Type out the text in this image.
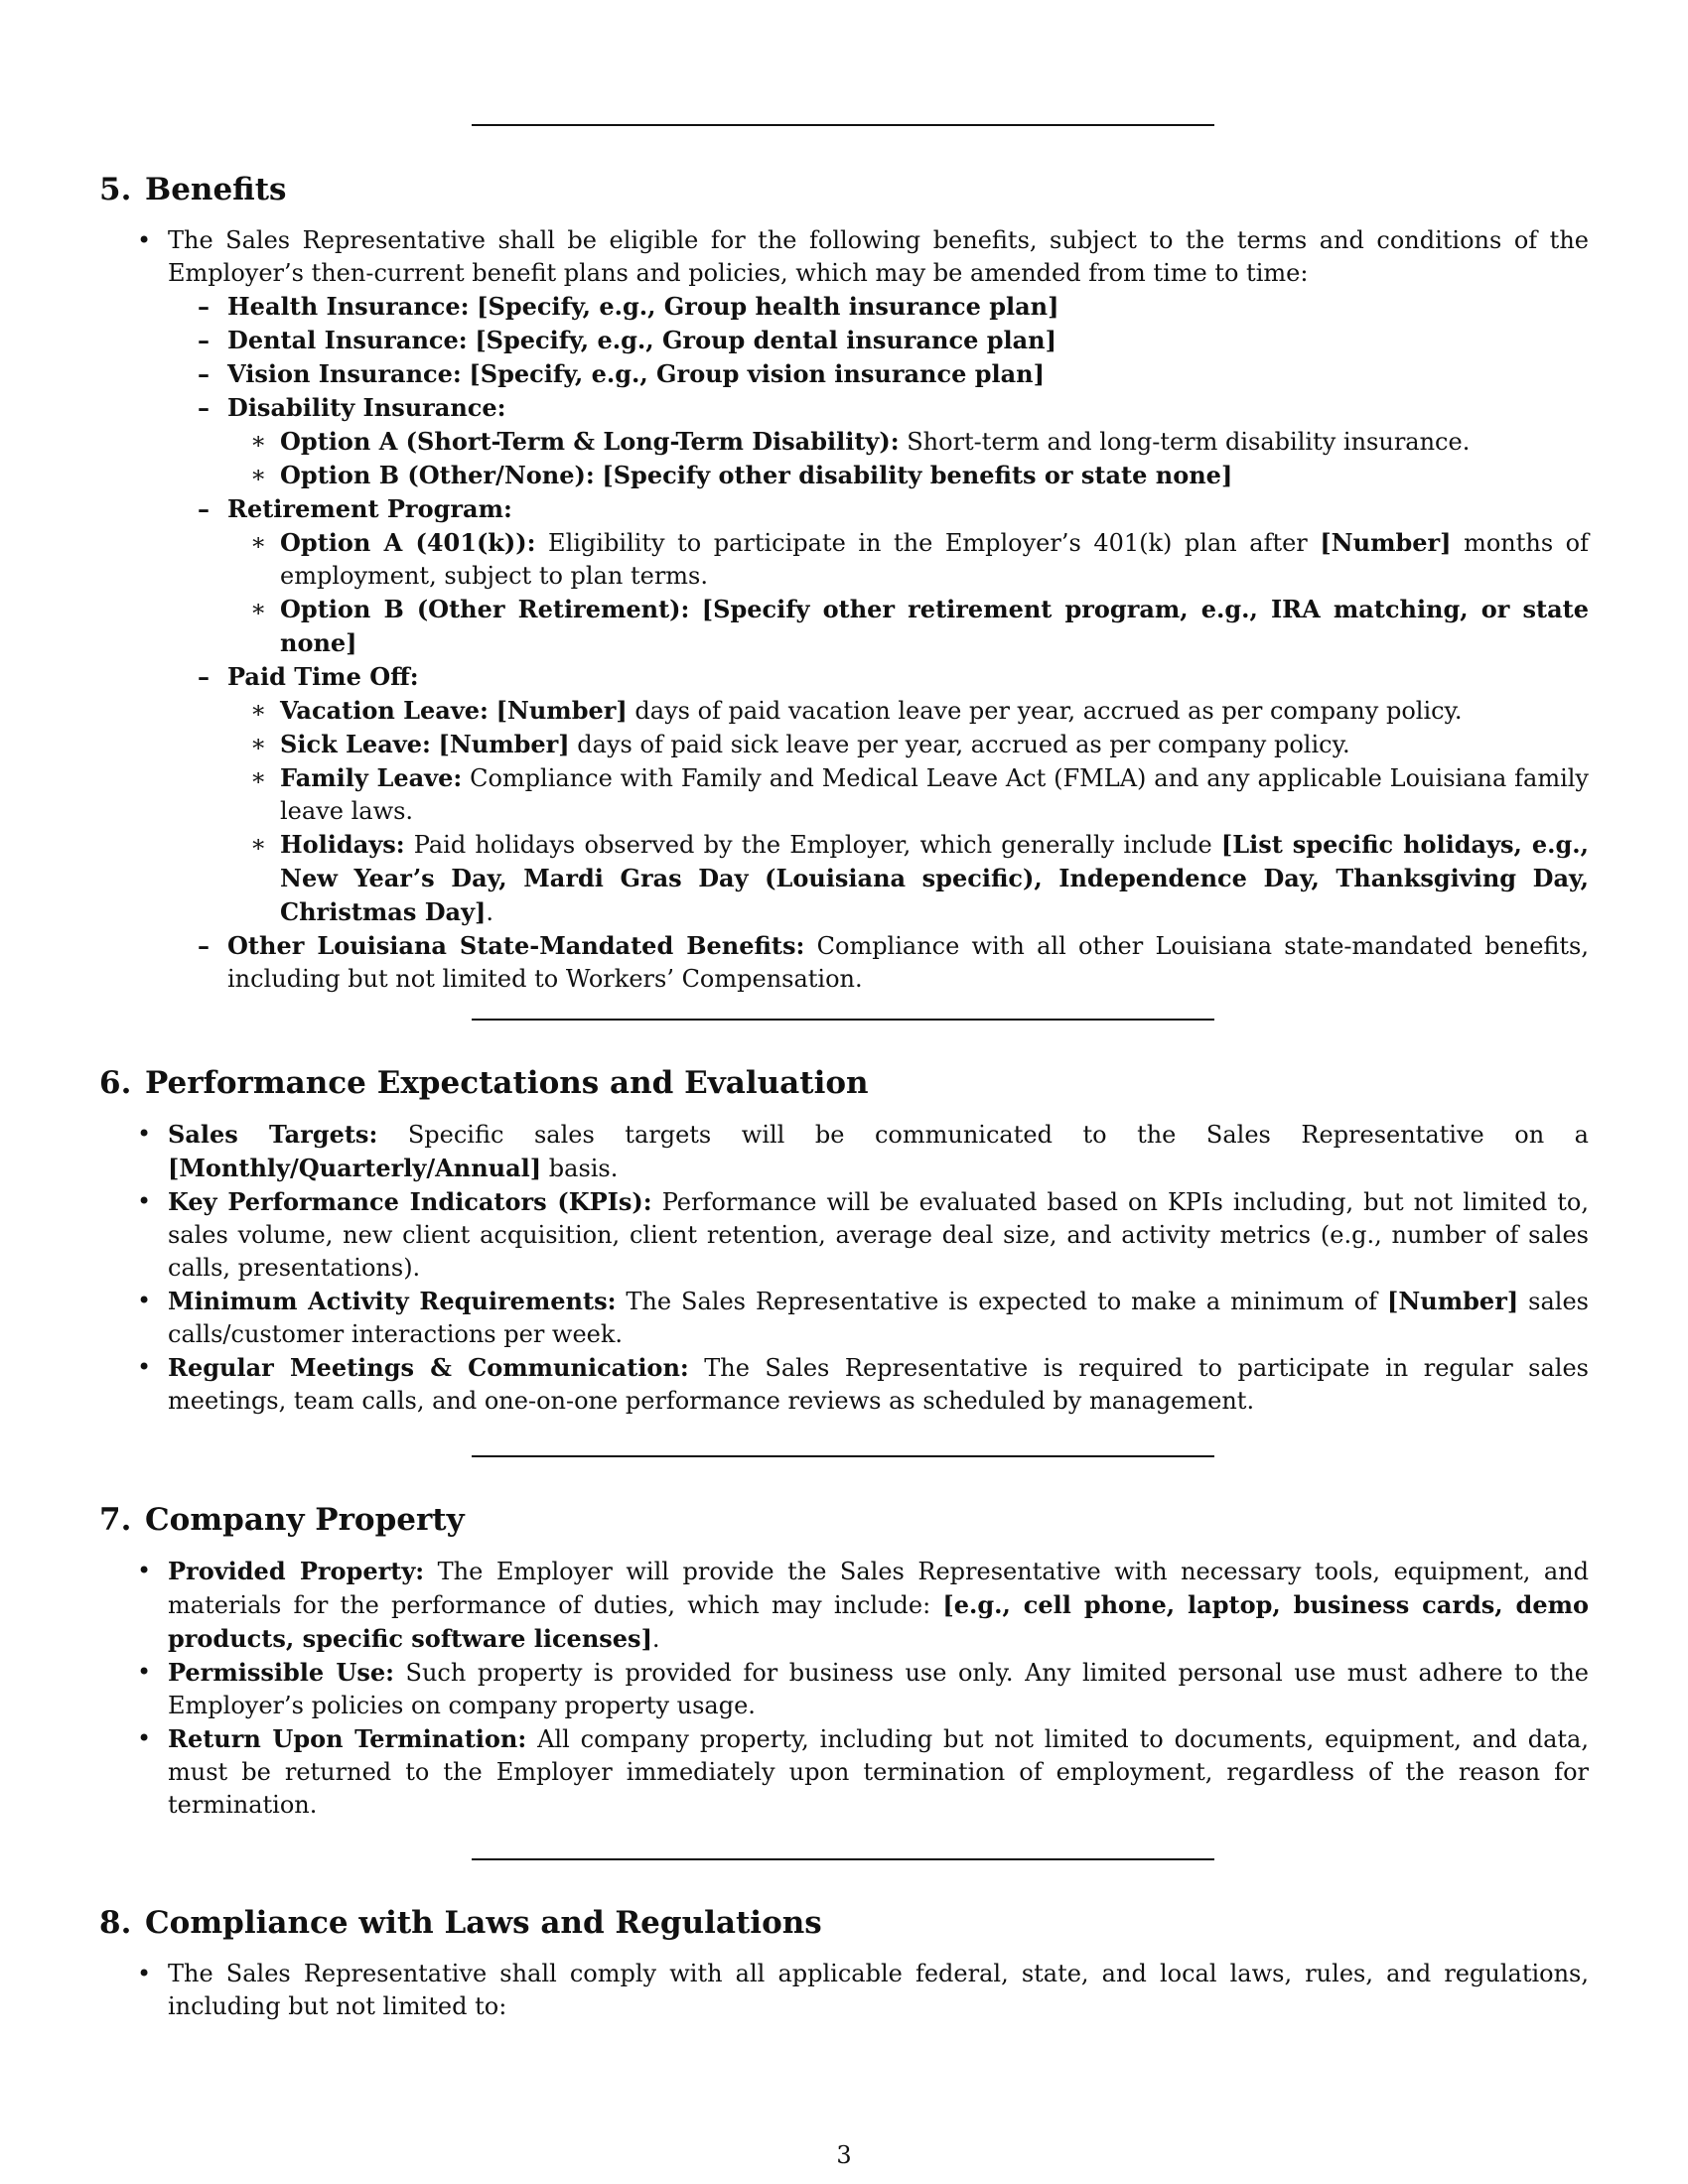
5. Benefits
• The Sales Representative shall be eligible for the following benefits, subject to the terms and conditions of the Employer’s then-current benefit plans and policies, which may be amended from time to time:
– Health Insurance: [Specify, e.g., Group health insurance plan]
– Dental Insurance: [Specify, e.g., Group dental insurance plan]
– Vision Insurance: [Specify, e.g., Group vision insurance plan]
– Disability Insurance:
∗ Option A (Short-Term & Long-Term Disability): Short-term and long-term disability insurance.
∗ Option B (Other/None): [Specify other disability benefits or state none]
– Retirement Program:
∗ Option A (401(k)): Eligibility to participate in the Employer’s 401(k) plan after [Number] months of employment, subject to plan terms.
∗ Option B (Other Retirement): [Specify other retirement program, e.g., IRA matching, or state none]
– Paid Time Off:
∗ Vacation Leave: [Number] days of paid vacation leave per year, accrued as per company policy.
∗ Sick Leave: [Number] days of paid sick leave per year, accrued as per company policy.
∗ Family Leave: Compliance with Family and Medical Leave Act (FMLA) and any applicable Louisiana family leave laws.
∗ Holidays: Paid holidays observed by the Employer, which generally include [List specific holidays, e.g., New Year’s Day, Mardi Gras Day (Louisiana specific), Independence Day, Thanksgiving Day, Christmas Day].
– Other Louisiana State-Mandated Benefits: Compliance with all other Louisiana state-mandated benefits, including but not limited to Workers’ Compensation.
6. Performance Expectations and Evaluation
• Sales Targets: Specific sales targets will be communicated to the Sales Representative on a [Monthly/Quarterly/Annual] basis.
• Key Performance Indicators (KPIs): Performance will be evaluated based on KPIs including, but not limited to, sales volume, new client acquisition, client retention, average deal size, and activity metrics (e.g., number of sales calls, presentations).
• Minimum Activity Requirements: The Sales Representative is expected to make a minimum of [Number] sales calls/customer interactions per week.
• Regular Meetings & Communication: The Sales Representative is required to participate in regular sales meetings, team calls, and one-on-one performance reviews as scheduled by management.
7. Company Property
• Provided Property: The Employer will provide the Sales Representative with necessary tools, equipment, and materials for the performance of duties, which may include: [e.g., cell phone, laptop, business cards, demo products, specific software licenses].
• Permissible Use: Such property is provided for business use only. Any limited personal use must adhere to the Employer’s policies on company property usage.
• Return Upon Termination: All company property, including but not limited to documents, equipment, and data, must be returned to the Employer immediately upon termination of employment, regardless of the reason for termination.
8. Compliance with Laws and Regulations
• The Sales Representative shall comply with all applicable federal, state, and local laws, rules, and regulations, including but not limited to:
3
